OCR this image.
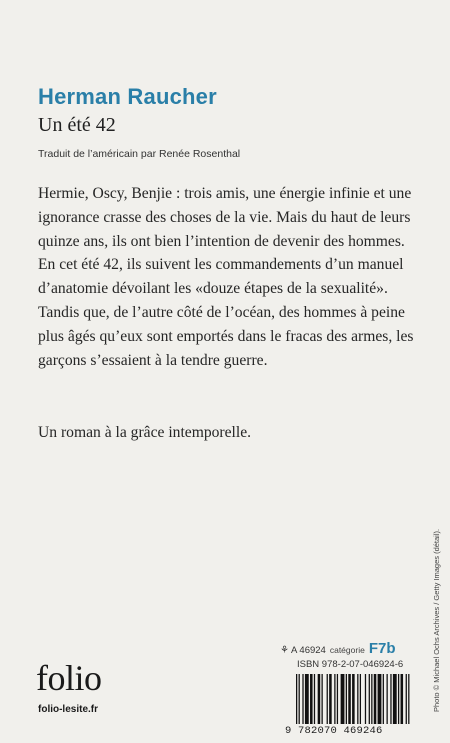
Herman Raucher
Un été 42
Traduit de l’américain par Renée Rosenthal

Hermie, Oscy, Benjie : trois amis, une énergie infinie et une ignorance crasse des choses de la vie. Mais du haut de leurs quinze ans, ils ont bien l’intention de devenir des hommes. En cet été 42, ils suivent les commandements d’un manuel d’anatomie dévoilant les «douze étapes de la sexualité». Tandis que, de l’autre côté de l’océan, des hommes à peine plus âgés qu’eux sont emportés dans le fracas des armes, les garçons s’essaient à la tendre guerre.

Un roman à la grâce intemporelle.
Photo © Michael Ochs Archives / Getty Images (détail).
⚘ A 46924 catégorie F7b
ISBN 978-2-07-046924-6
9 782070 469246
folio
folio-lesite.fr
